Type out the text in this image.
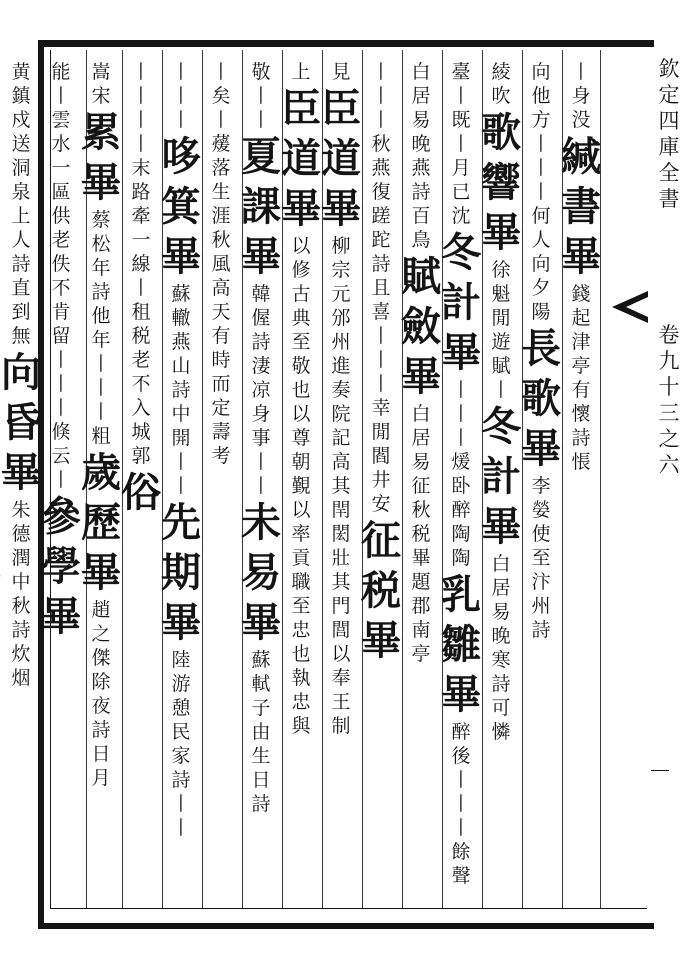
欽定四庫全書
卷九十三之六
丨身没
緘書畢
錢起津亭有懷詩悵
向他方
丨丨丨何人向夕陽
長歌畢
李嫈使至汴州詩
綾吹
歌響畢
徐魁閒遊賦丨
冬計畢
白居易晚寒詩可憐
臺
丨既丨月已沈
冬計畢
丨丨丨煖卧醉陶陶
乳雛畢
醉後丨丨丨餘聲
白居易晚燕詩百鳥
賦斂畢
白居易征秋税畢題郡南亭
丨丨丨秋燕復蹉跎
詩且喜丨丨丨幸閒閻井安
征税畢
見
臣道畢
柳宗元邠州進奏院記高其閈閎壯其門閭以奉王制
上
臣道畢
以修古典至敬也以尊朝覲以率貢職至忠也執忠與
敬丨丨
夏課畢
韓偓詩淒凉身事丨丨
未易畢
蘇軾子由生日詩
丨矣
丨蕿落生涯秋風高
天有時而定壽考
丨丨丨
哆箕畢
蘇轍燕山詩中開丨丨
先期畢
陸游憩民家詩丨丨
丨丨丨
丨末路牽一線
丨租税老不入城郭
俗
嵩宋
累畢
蔡松年詩他年丨丨丨粗
歲歷畢
趙之傑除夜詩日月
能丨雲水一區供老佚
不肯留丨丨丨倏云丨
參學畢
黄鎮戍送洞泉上人詩直到無
向昏畢
朱德潤中秋詩炊烟
